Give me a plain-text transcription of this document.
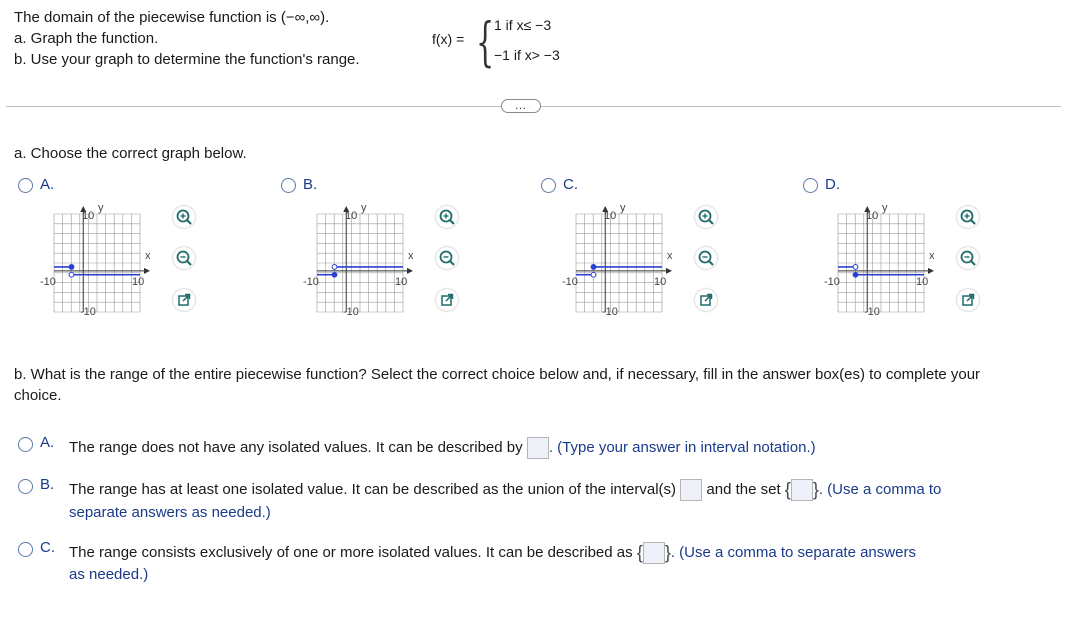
The domain of the piecewise function is (−∞,∞).
a. Graph the function.
b. Use your graph to determine the function's range.
f(x) = { 1 if x≤ −3
−1 if x> −3
…
a. Choose the correct graph below.
A.
10
y
x
-10	10
-10
B.
10
y
x
-10	10
-10
C.
10
y
x
-10	10
-10
D.
10
y
x
-10	10
-10
b. What is the range of the entire piecewise function? Select the correct choice below and, if necessary, fill in the answer box(es) to complete your
choice.
A. The range does not have any isolated values. It can be described by . (Type your answer in interval notation.)
B. The range has at least one isolated value. It can be described as the union of the interval(s) and the set { }. (Use a comma to
separate answers as needed.)
C. The range consists exclusively of one or more isolated values. It can be described as { }. (Use a comma to separate answers
as needed.)
